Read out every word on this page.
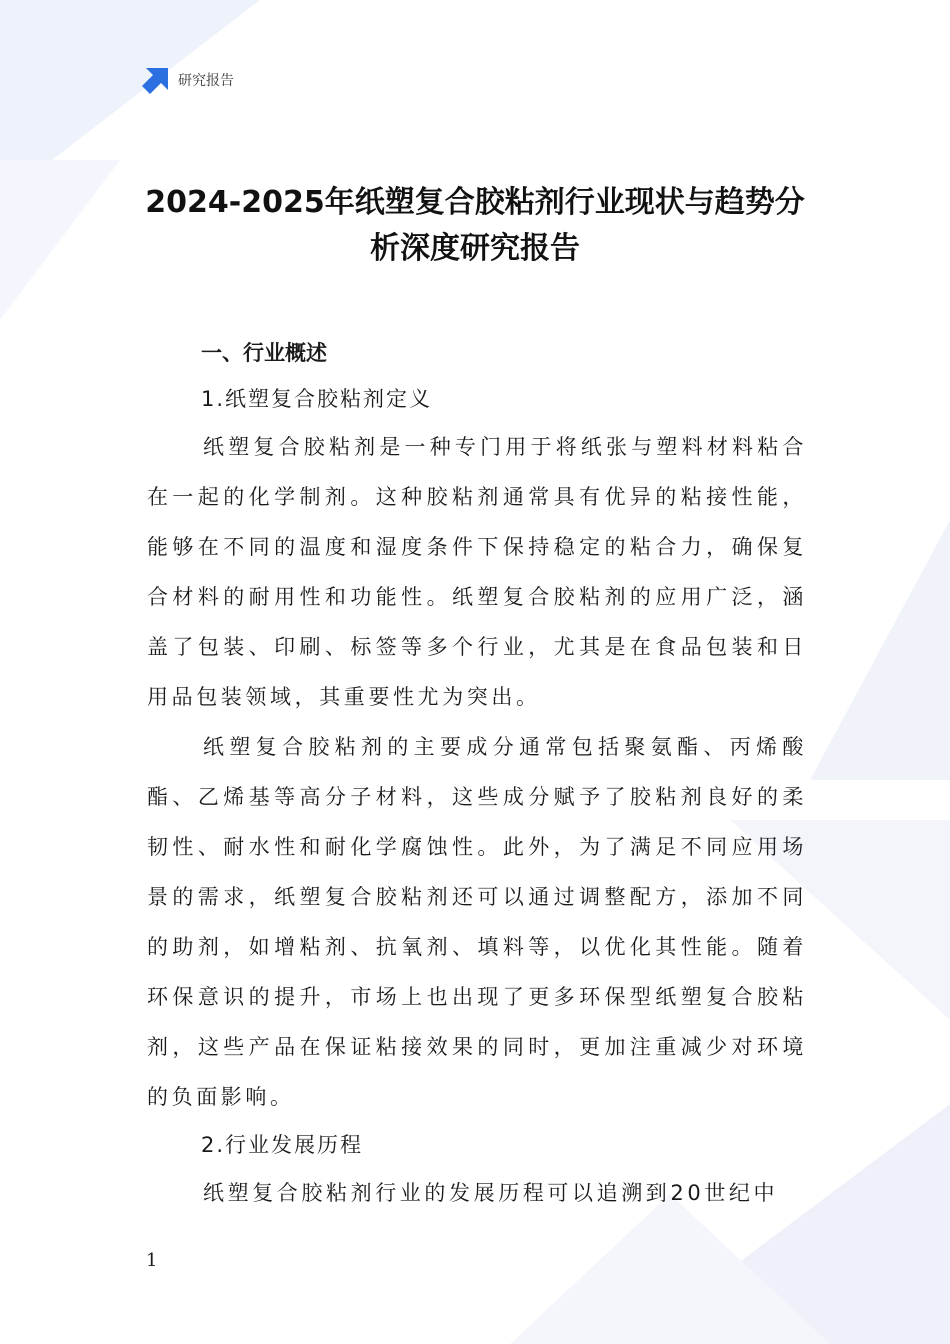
研究报告
2024-2025年纸塑复合胶粘剂行业现状与趋势分析深度研究报告
一、行业概述
1.纸塑复合胶粘剂定义

纸塑复合胶粘剂是一种专门用于将纸张与塑料材料粘合在一起的化学制剂。这种胶粘剂通常具有优异的粘接性能，能够在不同的温度和湿度条件下保持稳定的粘合力，确保复合材料的耐用性和功能性。纸塑复合胶粘剂的应用广泛，涵盖了包装、印刷、标签等多个行业，尤其是在食品包装和日用品包装领域，其重要性尤为突出。

纸塑复合胶粘剂的主要成分通常包括聚氨酯、丙烯酸酯、乙烯基等高分子材料，这些成分赋予了胶粘剂良好的柔韧性、耐水性和耐化学腐蚀性。此外，为了满足不同应用场景的需求，纸塑复合胶粘剂还可以通过调整配方，添加不同的助剂，如增粘剂、抗氧剂、填料等，以优化其性能。随着环保意识的提升，市场上也出现了更多环保型纸塑复合胶粘剂，这些产品在保证粘接效果的同时，更加注重减少对环境的负面影响。

2.行业发展历程

纸塑复合胶粘剂行业的发展历程可以追溯到20世纪中

1
